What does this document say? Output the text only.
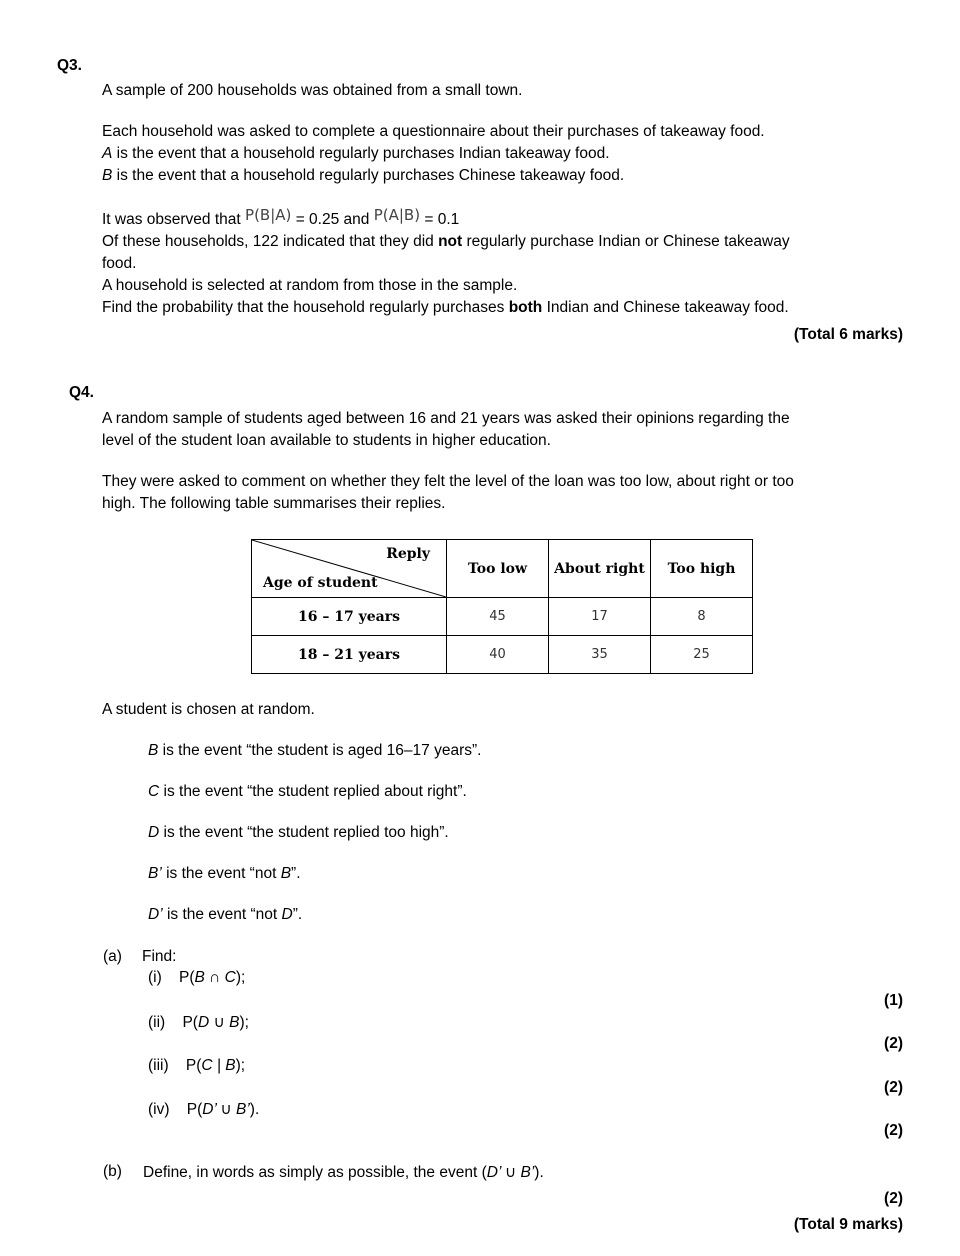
Q3.
A sample of 200 households was obtained from a small town.
Each household was asked to complete a questionnaire about their purchases of takeaway food.
A is the event that a household regularly purchases Indian takeaway food.
B is the event that a household regularly purchases Chinese takeaway food.
It was observed that P(B|A) = 0.25 and P(A|B) = 0.1
Of these households, 122 indicated that they did not regularly purchase Indian or Chinese takeaway
food.
A household is selected at random from those in the sample.
Find the probability that the household regularly purchases both Indian and Chinese takeaway food.
(Total 6 marks)
Q4.
A random sample of students aged between 16 and 21 years was asked their opinions regarding the
level of the student loan available to students in higher education.
They were asked to comment on whether they felt the level of the loan was too low, about right or too
high. The following table summarises their replies.
Reply
Age of student	Too low	About right	Too high
16 – 17 years	45	17	8
18 – 21 years	40	35	25
A student is chosen at random.
B is the event “the student is aged 16–17 years”.
C is the event “the student replied about right”.
D is the event “the student replied too high”.
B’ is the event “not B”.
D’ is the event “not D”.
(a) Find:
(i) P(B ∩ C);
(1)
(ii) P(D ∪ B);
(2)
(iii) P(C | B);
(2)
(iv) P(D’ ∪ B’).
(2)
(b) Define, in words as simply as possible, the event (D’ ∪ B’).
(2)
(Total 9 marks)
